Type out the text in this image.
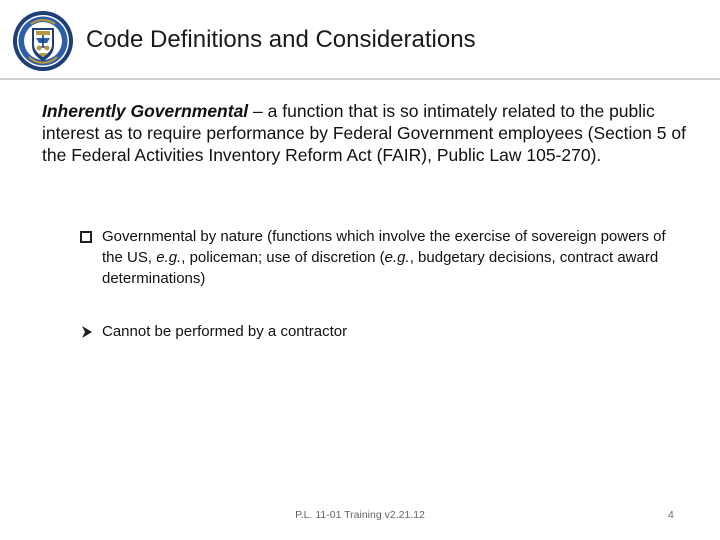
Code Definitions and Considerations
Inherently Governmental – a function that is so intimately related to the public interest as to require performance by Federal Government employees (Section 5 of the Federal Activities Inventory Reform Act (FAIR), Public Law 105-270).
Governmental by nature (functions which involve the exercise of sovereign powers of the US, e.g., policeman; use of discretion (e.g., budgetary decisions, contract award determinations)
Cannot be performed by a contractor
P.L. 11-01 Training v2.21.12	4
